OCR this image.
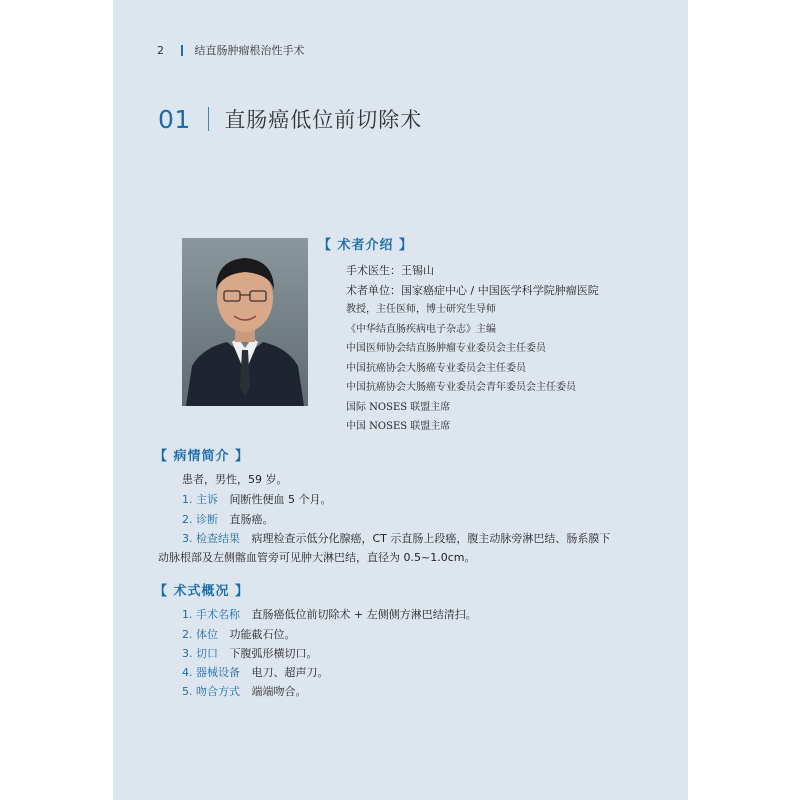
2	结直肠肿瘤根治性手术
01 直肠癌低位前切除术
【 术者介绍 】
手术医生：王锡山
术者单位：国家癌症中心 / 中国医学科学院肿瘤医院
教授，主任医师，博士研究生导师
《中华结直肠疾病电子杂志》主编
中国医师协会结直肠肿瘤专业委员会主任委员
中国抗癌协会大肠癌专业委员会主任委员
中国抗癌协会大肠癌专业委员会青年委员会主任委员
国际 NOSES 联盟主席
中国 NOSES 联盟主席
【 病情简介 】
患者，男性，59 岁。
1. 主诉 间断性便血 5 个月。
2. 诊断 直肠癌。
3. 检查结果 病理检查示低分化腺癌，CT 示直肠上段癌，腹主动脉旁淋巴结、肠系膜下
动脉根部及左侧髂血管旁可见肿大淋巴结，直径为 0.5~1.0cm。
【 术式概况 】
1. 手术名称 直肠癌低位前切除术 + 左侧侧方淋巴结清扫。
2. 体位 功能截石位。
3. 切口 下腹弧形横切口。
4. 器械设备 电刀、超声刀。
5. 吻合方式 端端吻合。
